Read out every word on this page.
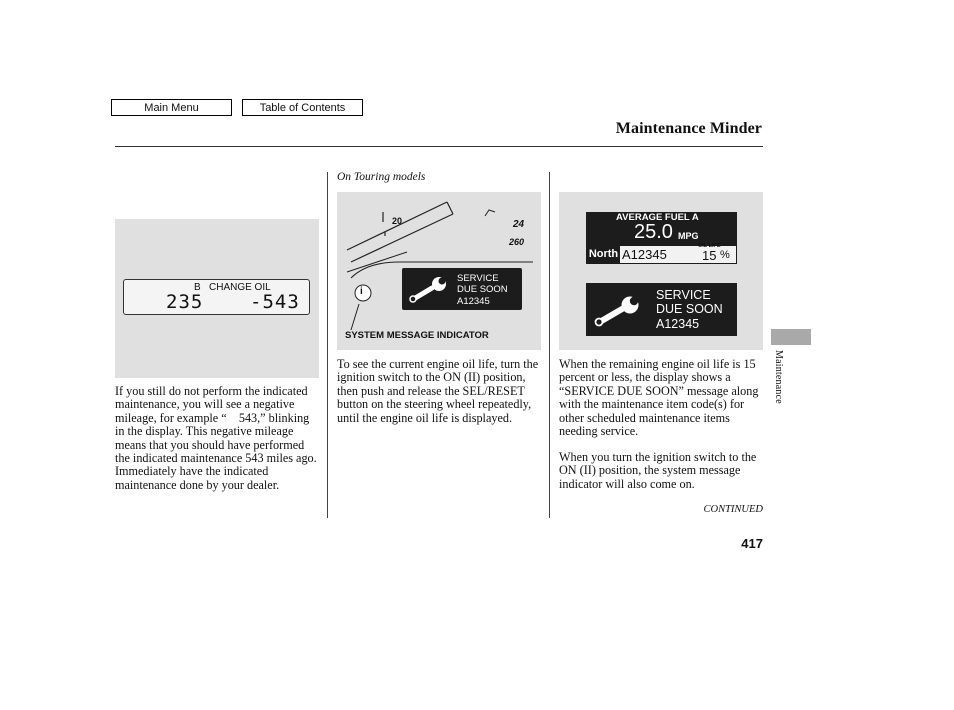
Main Menu	Table of Contents
Maintenance Minder
B CHANGE OIL
235 -543
If you still do not perform the indicated maintenance, you will see a negative mileage, for example “    543,” blinking in the display. This negative mileage means that you should have performed the indicated maintenance 543 miles ago. Immediately have the indicated maintenance done by your dealer.
On Touring models
20	24
260
i
SERVICE
DUE SOON
A12345
SYSTEM MESSAGE INDICATOR
To see the current engine oil life, turn the ignition switch to the ON (II) position, then push and release the SEL/RESET button on the steering wheel repeatedly, until the engine oil life is displayed.
AVERAGE FUEL A
25.0 MPG
North A12345
OIL LIFE
15 %
SERVICE
DUE SOON
A12345
When the remaining engine oil life is 15 percent or less, the display shows a “SERVICE DUE SOON” message along with the maintenance item code(s) for other scheduled maintenance items needing service.
When you turn the ignition switch to the ON (II) position, the system message indicator will also come on.
Maintenance
CONTINUED
417
